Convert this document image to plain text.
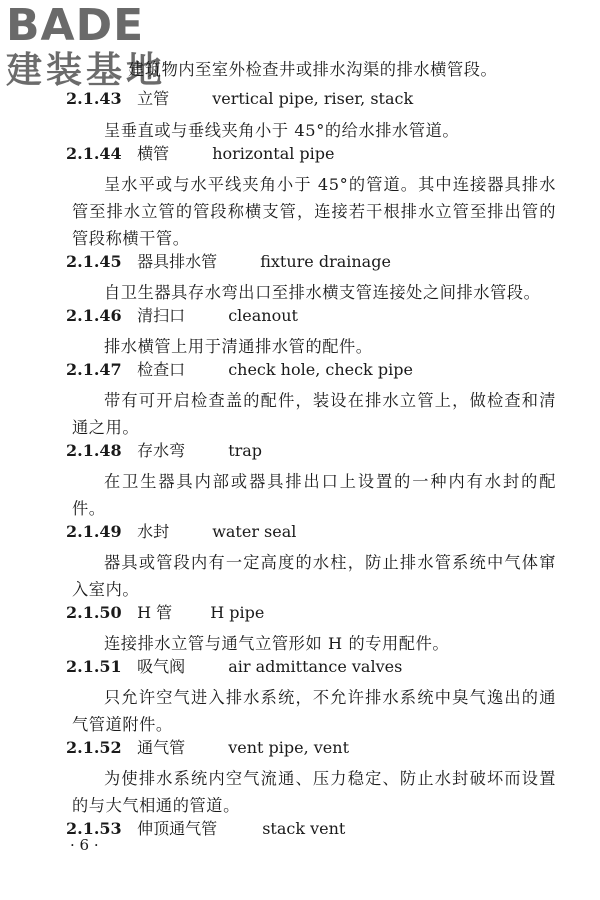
BADE
建装基地
建筑物内至室外检查井或排水沟渠的排水横管段。
2.1.43 立管	vertical pipe, riser, stack
呈垂直或与垂线夹角小于 45°的给水排水管道。
2.1.44 横管	horizontal pipe
呈水平或与水平线夹角小于 45°的管道。其中连接器具排水管至排水立管的管段称横支管，连接若干根排水立管至排出管的管段称横干管。
2.1.45 器具排水管	fixture drainage
自卫生器具存水弯出口至排水横支管连接处之间排水管段。
2.1.46 清扫口	cleanout
排水横管上用于清通排水管的配件。
2.1.47 检查口	check hole, check pipe
带有可开启检查盖的配件，装设在排水立管上，做检查和清通之用。
2.1.48 存水弯	trap
在卫生器具内部或器具排出口上设置的一种内有水封的配件。
2.1.49 水封	water seal
器具或管段内有一定高度的水柱，防止排水管系统中气体窜入室内。
2.1.50 H 管 H pipe
连接排水立管与通气立管形如 H 的专用配件。
2.1.51 吸气阀	air admittance valves
只允许空气进入排水系统，不允许排水系统中臭气逸出的通气管道附件。
2.1.52 通气管	vent pipe, vent
为使排水系统内空气流通、压力稳定、防止水封破坏而设置的与大气相通的管道。
2.1.53 伸顶通气管	stack vent
· 6 ·
